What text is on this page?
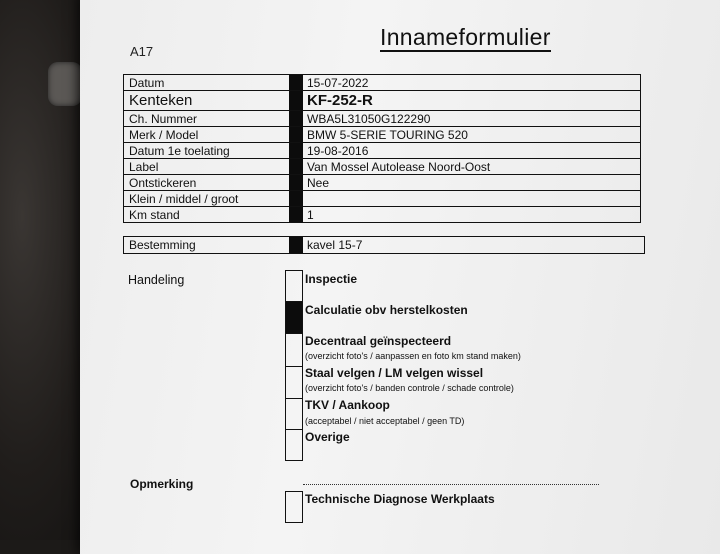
A17
Innameformulier
Datum	15-07-2022
Kenteken	KF-252-R
Ch. Nummer	WBA5L31050G122290
Merk / Model	BMW 5-SERIE TOURING 520
Datum 1e toelating	19-08-2016
Label	Van Mossel Autolease Noord-Oost
Ontstickeren	Nee
Klein / middel / groot
Km stand	1
Bestemming	kavel 15-7
Handeling	Inspectie
Calculatie obv herstelkosten
Decentraal geïnspecteerd
(overzicht foto's / aanpassen en foto km stand maken)
Staal velgen / LM velgen wissel
(overzicht foto's / banden controle / schade controle)
TKV / Aankoop
(acceptabel / niet acceptabel / geen TD)
Overige
Opmerking
Technische Diagnose Werkplaats
